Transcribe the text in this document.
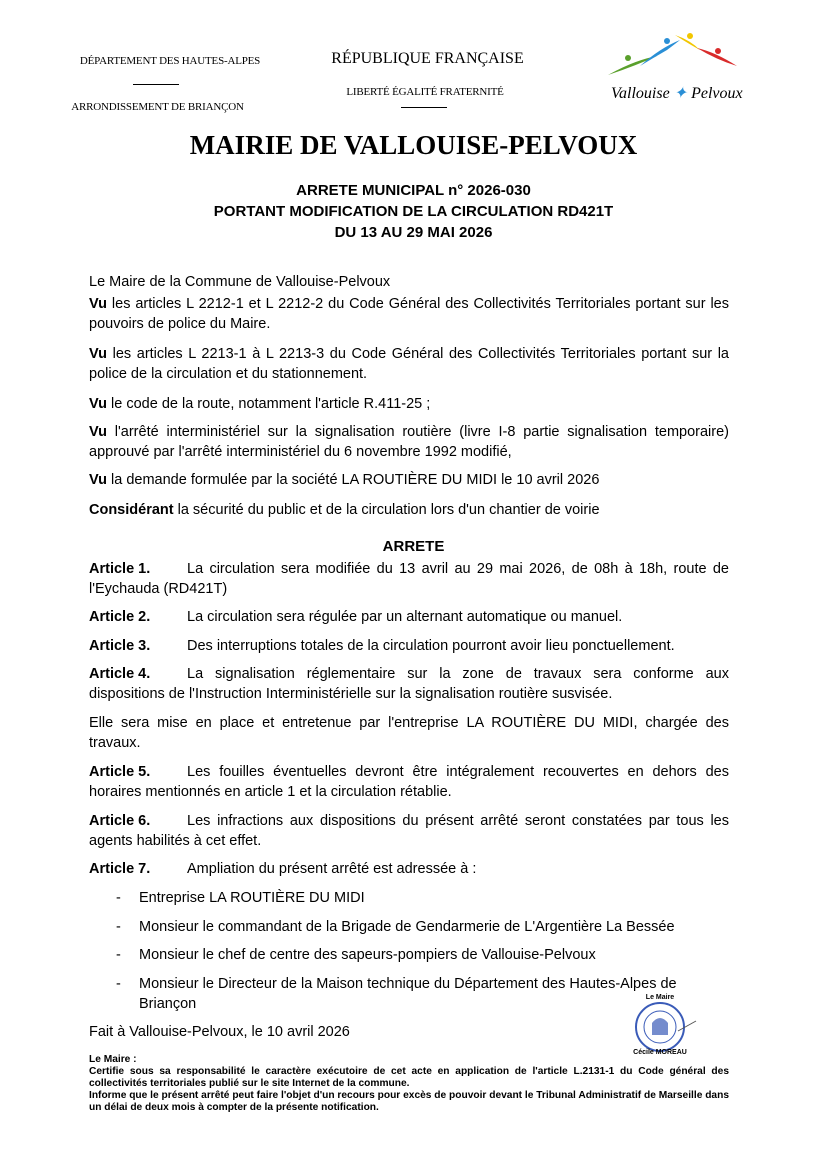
DÉPARTEMENT DES HAUTES-ALPES
ARRONDISSEMENT DE BRIANÇON
RÉPUBLIQUE FRANÇAISE
LIBERTÉ ÉGALITÉ FRATERNITÉ	Vallouise ✦ Pelvoux
MAIRIE DE VALLOUISE-PELVOUX
ARRETE MUNICIPAL n° 2026-030
PORTANT MODIFICATION DE LA CIRCULATION RD421T
DU 13 AU 29 MAI 2026
Le Maire de la Commune de Vallouise-Pelvoux
Vu les articles L 2212-1 et L 2212-2 du Code Général des Collectivités Territoriales portant sur les pouvoirs de police du Maire.
Vu les articles L 2213-1 à L 2213-3 du Code Général des Collectivités Territoriales portant sur la police de la circulation et du stationnement.
Vu le code de la route, notamment l'article R.411-25 ;
Vu l'arrêté interministériel sur la signalisation routière (livre I-8 partie signalisation temporaire) approuvé par l'arrêté interministériel du 6 novembre 1992 modifié,
Vu la demande formulée par la société LA ROUTIÈRE DU MIDI le 10 avril 2026
Considérant la sécurité du public et de la circulation lors d'un chantier de voirie
ARRETE
Article 1.	La circulation sera modifiée du 13 avril au 29 mai 2026, de 08h à 18h, route de l'Eychauda (RD421T)
Article 2.	La circulation sera régulée par un alternant automatique ou manuel.
Article 3.	Des interruptions totales de la circulation pourront avoir lieu ponctuellement.
Article 4.	La signalisation réglementaire sur la zone de travaux sera conforme aux dispositions de l'Instruction Interministérielle sur la signalisation routière susvisée.
Elle sera mise en place et entretenue par l'entreprise LA ROUTIÈRE DU MIDI, chargée des travaux.
Article 5.	Les fouilles éventuelles devront être intégralement recouvertes en dehors des horaires mentionnés en article 1 et la circulation rétablie.
Article 6.	Les infractions aux dispositions du présent arrêté seront constatées par tous les agents habilités à cet effet.
Article 7.	Ampliation du présent arrêté est adressée à :
- Entreprise LA ROUTIÈRE DU MIDI
- Monsieur le commandant de la Brigade de Gendarmerie de L'Argentière La Bessée
- Monsieur le chef de centre des sapeurs-pompiers de Vallouise-Pelvoux
- Monsieur le Directeur de la Maison technique du Département des Hautes-Alpes de Briançon
Fait à Vallouise-Pelvoux, le 10 avril 2026
Le Maire
Cécile MOREAU
Le Maire :
Certifie sous sa responsabilité le caractère exécutoire de cet acte en application de l'article L.2131-1 du Code général des collectivités territoriales publié sur le site Internet de la commune.
Informe que le présent arrêté peut faire l'objet d'un recours pour excès de pouvoir devant le Tribunal Administratif de Marseille dans un délai de deux mois à compter de la présente notification.
